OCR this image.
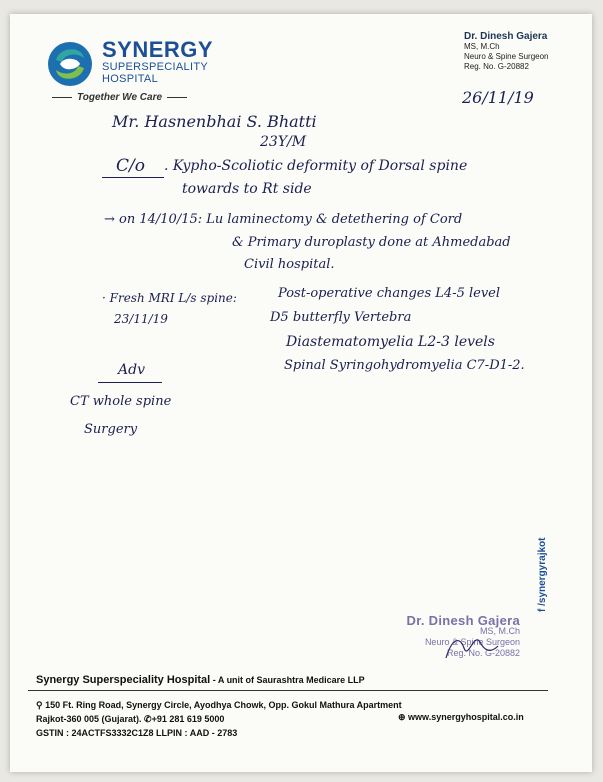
SYNERGY
SUPERSPECIALITY
HOSPITAL
Together We Care
Dr. Dinesh Gajera
MS, M.Ch
Neuro & Spine Surgeon
Reg. No. G-20882
26/11/19
Mr. Hasnenbhai S. Bhatti
23Y/M
C/o . Kypho-Scoliotic deformity of Dorsal spine
towards to Rt side
→ on 14/10/15: Lu laminectomy & detethering of Cord
& Primary duroplasty done at Ahmedabad
Civil hospital.
· Fresh MRI L/s spine:
23/11/19
Post-operative changes L4-5 level
D5 butterfly Vertebra
Diastematomyelia L2-3 levels
Spinal Syringohydromyelia C7-D1-2.
Adv
CT whole spine
Surgery
Dr. Dinesh Gajera
MS, M.Ch
Neuro & Spine Surgeon
Reg. No. G-20882
f /synergyrajkot
Synergy Superspeciality Hospital - A unit of Saurashtra Medicare LLP
⚲ 150 Ft. Ring Road, Synergy Circle, Ayodhya Chowk, Opp. Gokul Mathura Apartment
Rajkot-360 005 (Gujarat). ✆+91 281 619 5000
GSTIN : 24ACTFS3332C1Z8 LLPIN : AAD - 2783
⊕ www.synergyhospital.co.in
